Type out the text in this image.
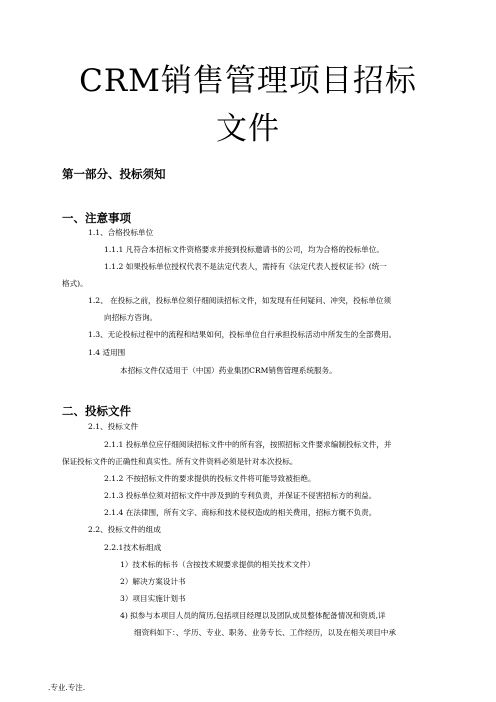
CRM销售管理项目招标
文件
第一部分、投标须知
一、注意事项
1.1、合格投标单位
1.1.1 凡符合本招标文件资格要求并接到投标邀请书的公司，均为合格的投标单位。
1.1.2 如果投标单位授权代表不是法定代表人，需持有《法定代表人授权证书》(统一
格式)。
1.2、 在投标之前，投标单位须仔细阅读招标文件，如发现有任何疑问、冲突，投标单位须
向招标方咨询。
1.3、无论投标过程中的流程和结果如何，投标单位自行承担投标活动中所发生的全部费用。
1.4 适用围
本招标文件仅适用于（中国）药业集团CRM销售管理系统服务。
二、投标文件
2.1、投标文件
2.1.1 投标单位应仔细阅读招标文件中的所有容，按照招标文件要求编制投标文件，并
保证投标文件的正确性和真实性。所有文件资料必须是针对本次投标。
2.1.2 不按招标文件的要求提供的投标文件将可能导致被拒绝。
2.1.3 投标单位须对招标文件中涉及到的专利负责，并保证不侵害招标方的利益。
2.1.4 在法律围，所有文字、商标和技术侵权造成的相关费用，招标方概不负责。
2.2、投标文件的组成
2.2.1技术标组成
1）技术标的标书（含按技术规要求提供的相关技术文件）
2）解决方案设计书
3）项目实施计划书
4) 拟参与本项目人员的简历,包括项目经理以及团队成员整体配备情况和资质,详
细资料如下：、学历、专业、职务、业务专长、工作经历，以及在相关项目中承
.专业.专注.
